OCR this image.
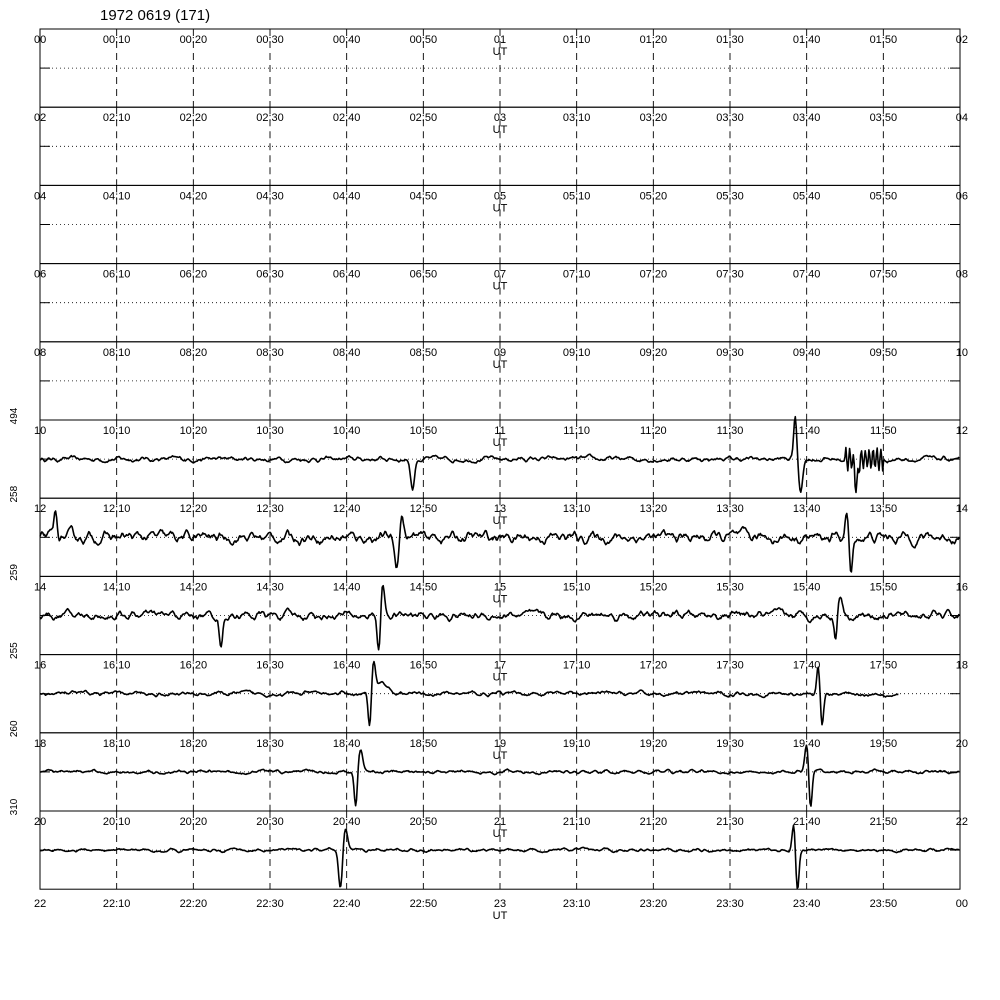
1972 0619 (171)
00	00:10	00:20	00:30	00:40	00:50	01	01:10	01:20	01:30	01:40	01:50	02
UT
02	02:10	02:20	02:30	02:40	02:50	03	03:10	03:20	03:30	03:40	03:50	04
UT
04	04:10	04:20	04:30	04:40	04:50	05	05:10	05:20	05:30	05:40	05:50	06
UT
06	06:10	06:20	06:30	06:40	06:50	07	07:10	07:20	07:30	07:40	07:50	08
UT
08	08:10	08:20	08:30	08:40	08:50	09	09:10	09:20	09:30	09:40	09:50	10
UT
10	10:10	10:20	10:30	10:40	10:50	11	11:10	11:20	11:30	11:40	11:50	12
UT
494
12	12:10	12:20	12:30	12:40	12:50	13	13:10	13:20	13:30	13:40	13:50	14
UT
258
14	14:10	14:20	14:30	14:40	14:50	15	15:10	15:20	15:30	15:40	15:50	16
UT
259
16	16:10	16:20	16:30	16:40	16:50	17	17:10	17:20	17:30	17:40	17:50	18
UT
255
18	18:10	18:20	18:30	18:40	18:50	19	19:10	19:20	19:30	19:40	19:50	20
UT
260
20	20:10	20:20	20:30	20:40	20:50	21	21:10	21:20	21:30	21:40	21:50	22
UT
310
22	22:10	22:20	22:30	22:40	22:50	23	23:10	23:20	23:30	23:40	23:50	00
UT
